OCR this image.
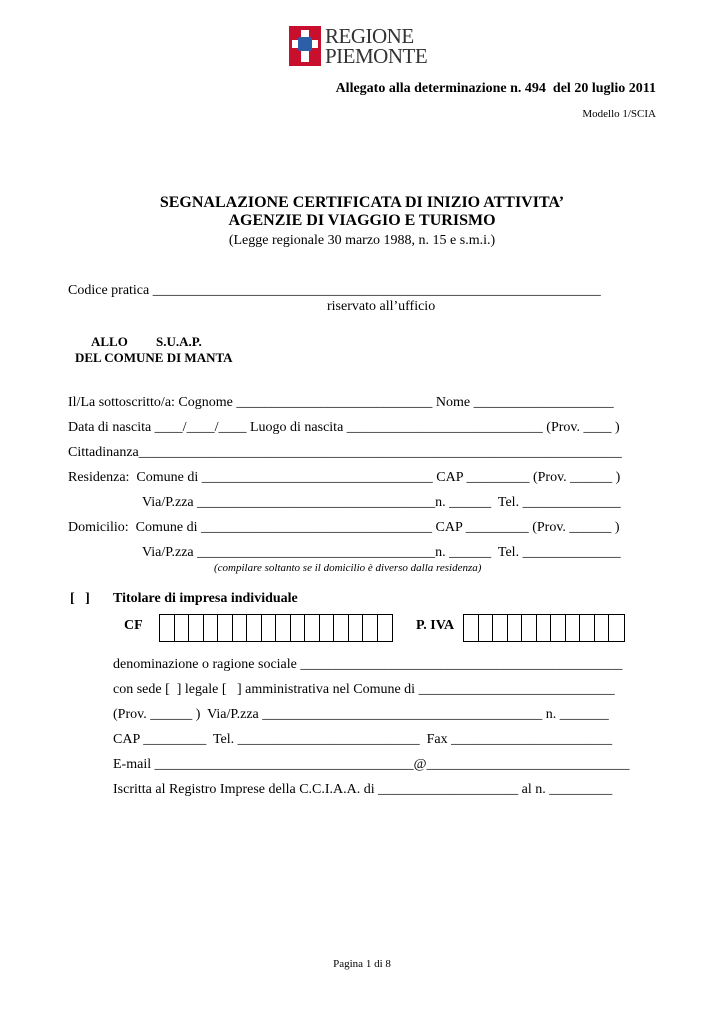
REGIONE
PIEMONTE
Allegato alla determinazione n. 494  del 20 luglio 2011
Modello 1/SCIA
SEGNALAZIONE CERTIFICATA DI INIZIO ATTIVITA’
AGENZIE DI VIAGGIO E TURISMO
(Legge regionale 30 marzo 1988, n. 15 e s.m.i.)
Codice pratica ________________________________________________________________
riservato all’ufficio
ALLO S.U.A.P.
DEL COMUNE DI MANTA
Il/La sottoscritto/a: Cognome ____________________________ Nome ____________________
Data di nascita ____/____/____ Luogo di nascita ____________________________ (Prov. ____ )
Cittadinanza_____________________________________________________________________
Residenza:  Comune di _________________________________ CAP _________ (Prov. ______ )
Via/P.zza __________________________________n. ______  Tel. ______________
Domicilio:  Comune di _________________________________ CAP _________ (Prov. ______ )
Via/P.zza __________________________________n. ______  Tel. ______________
(compilare soltanto se il domicilio è diverso dalla residenza)
[   ] Titolare di impresa individuale
CF	P. IVA
denominazione o ragione sociale ______________________________________________
con sede [  ] legale [   ] amministrativa nel Comune di ____________________________
(Prov. ______ )  Via/P.zza ________________________________________ n. _______
CAP _________  Tel. __________________________  Fax _______________________
E-mail _____________________________________@_____________________________
Iscritta al Registro Imprese della C.C.I.A.A. di ____________________ al n. _________
Pagina 1 di 8
